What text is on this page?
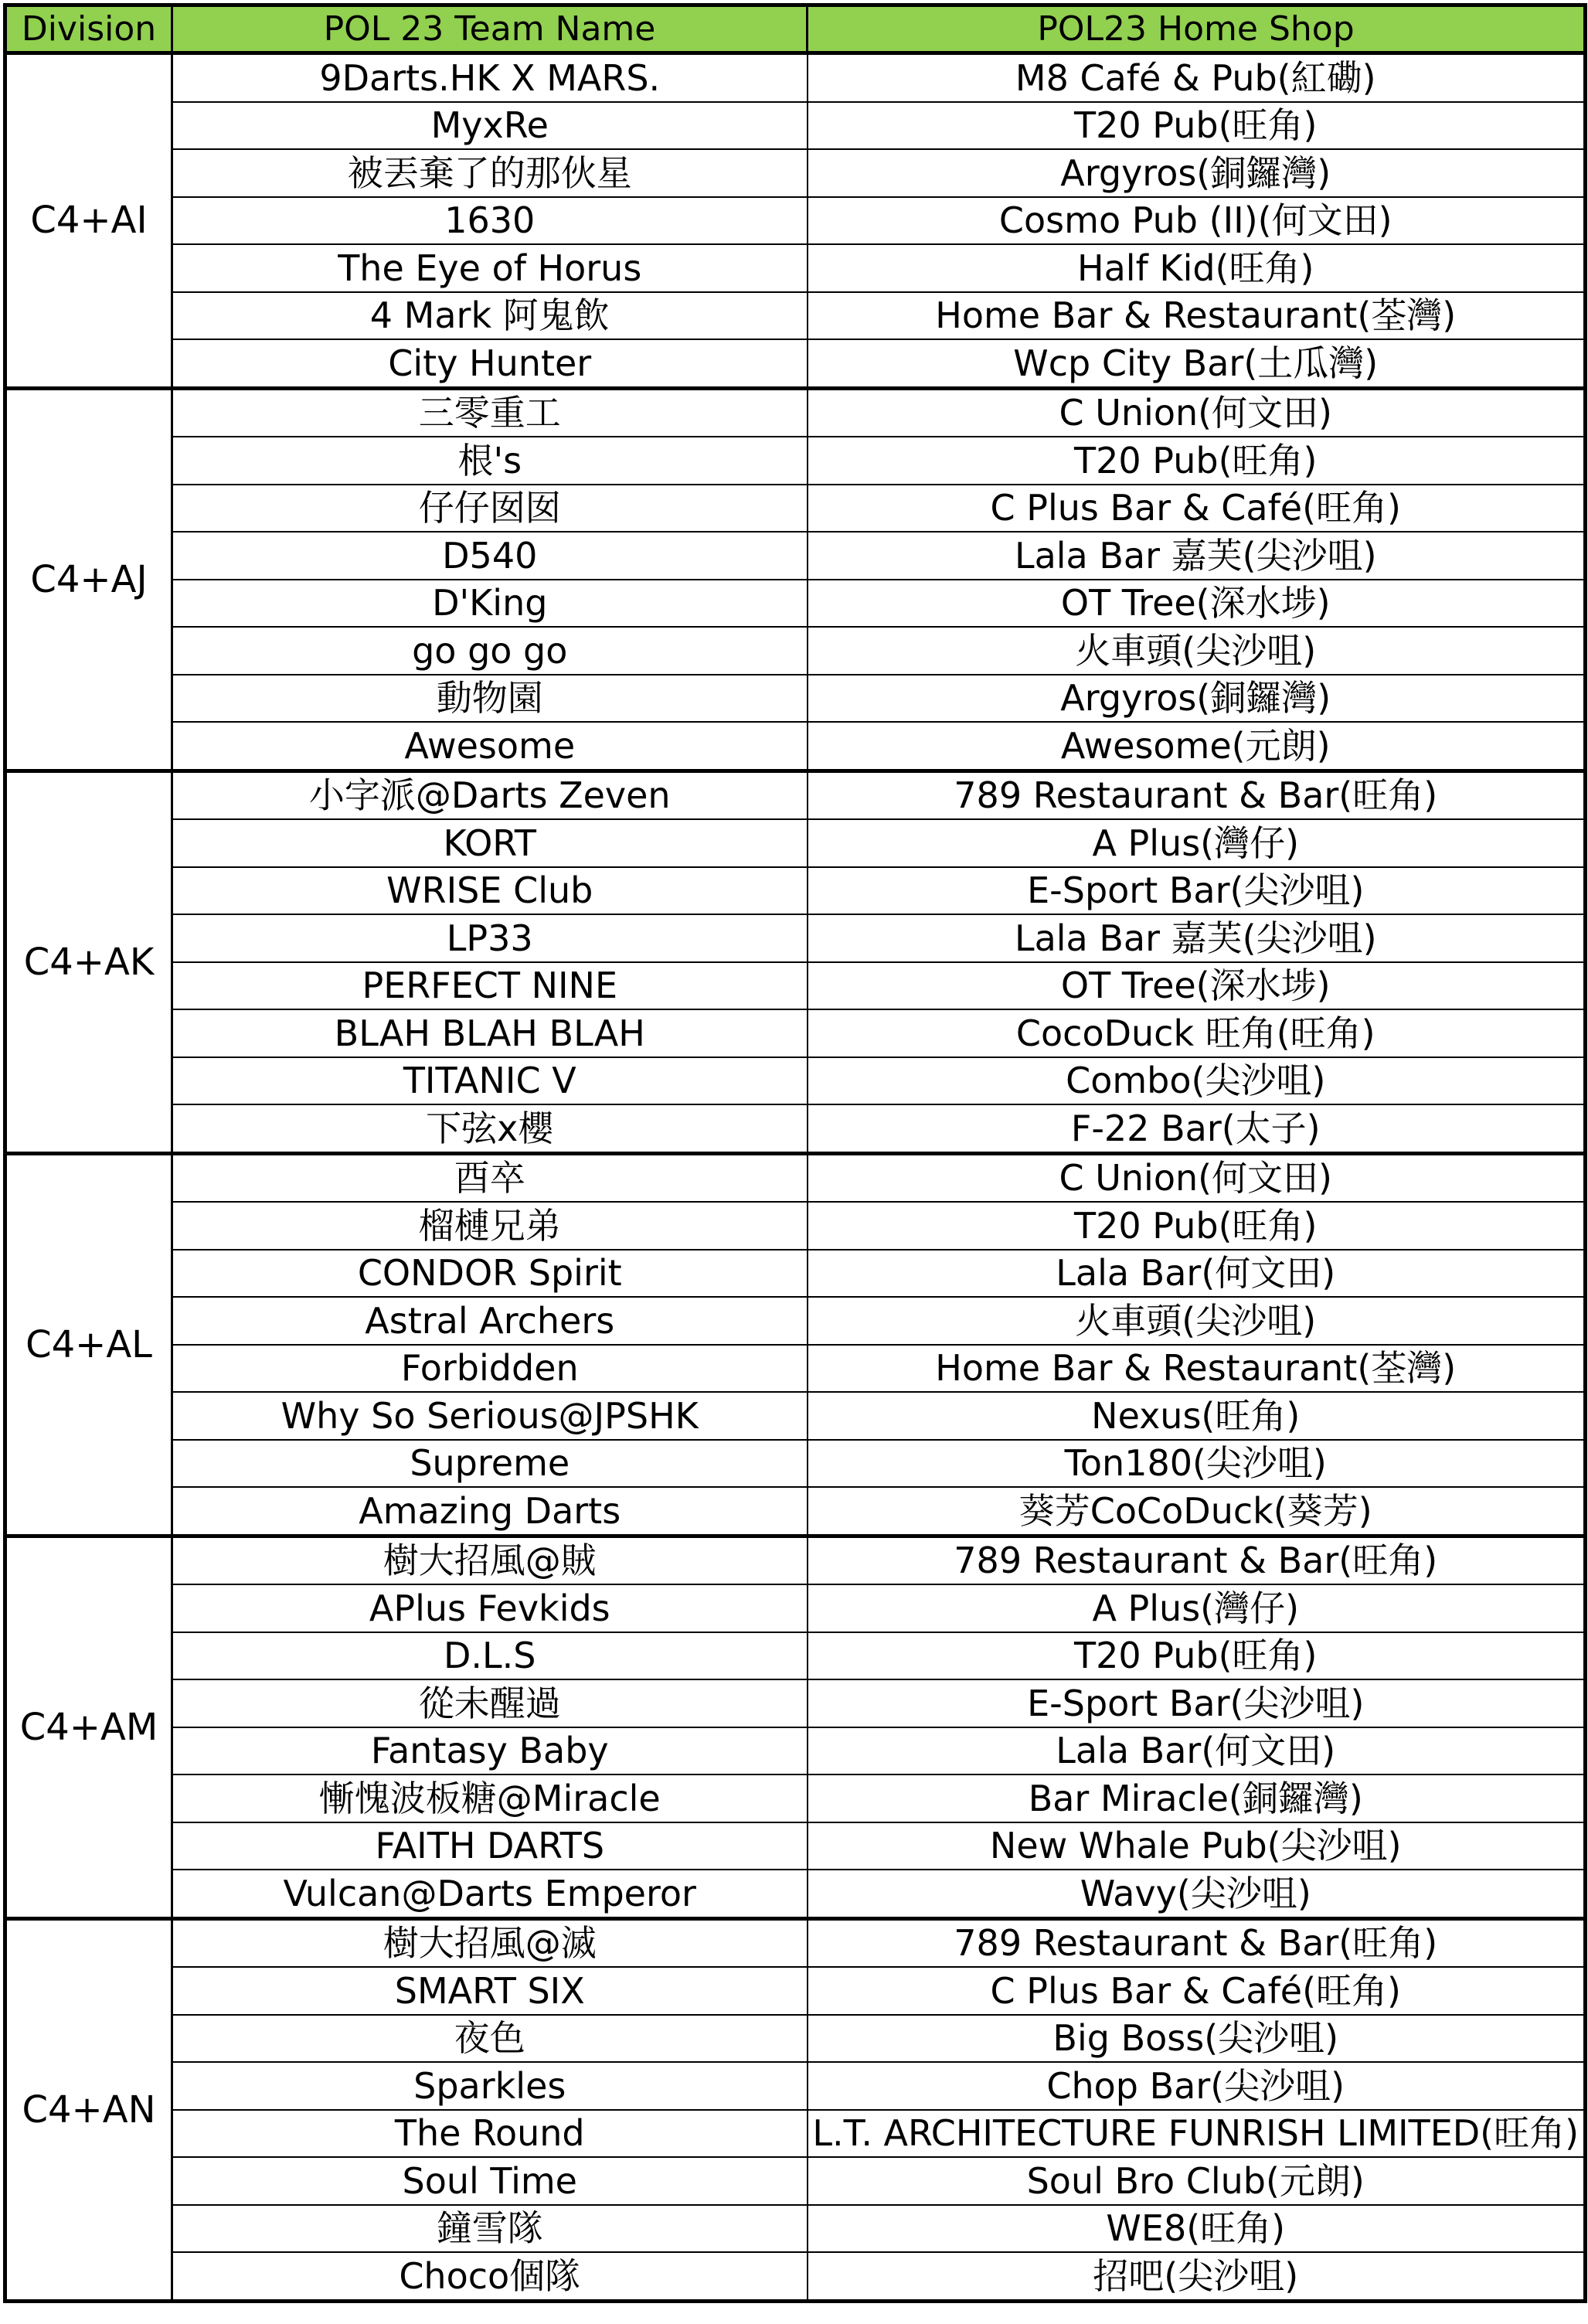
Division	POL 23 Team Name	POL23 Home Shop
C4+AI	9Darts.HK X MARS.	M8 Café & Pub(紅磡)
	MyxRe	T20 Pub(旺角)
	被丟棄了的那伙星	Argyros(銅鑼灣)
	1630	Cosmo Pub (II)(何文田)
	The Eye of Horus	Half Kid(旺角)
	4 Mark 阿鬼飲	Home Bar & Restaurant(荃灣)
	City Hunter	Wcp City Bar(土瓜灣)
C4+AJ	三零重工	C Union(何文田)
	根's	T20 Pub(旺角)
	仔仔囡囡	C Plus Bar & Café(旺角)
	D540	Lala Bar 嘉芙(尖沙咀)
	D'King	OT Tree(深水埗)
	go go go	火車頭(尖沙咀)
	動物園	Argyros(銅鑼灣)
	Awesome	Awesome(元朗)
C4+AK	小字派@Darts Zeven	789 Restaurant & Bar(旺角)
	KORT	A Plus(灣仔)
	WRISE Club	E-Sport Bar(尖沙咀)
	LP33	Lala Bar 嘉芙(尖沙咀)
	PERFECT NINE	OT Tree(深水埗)
	BLAH BLAH BLAH	CocoDuck 旺角(旺角)
	TITANIC V	Combo(尖沙咀)
	下弦x櫻	F-22 Bar(太子)
C4+AL	酉卒	C Union(何文田)
	榴槤兄弟	T20 Pub(旺角)
	CONDOR Spirit	Lala Bar(何文田)
	Astral Archers	火車頭(尖沙咀)
	Forbidden	Home Bar & Restaurant(荃灣)
	Why So Serious@JPSHK	Nexus(旺角)
	Supreme	Ton180(尖沙咀)
	Amazing Darts	葵芳CoCoDuck(葵芳)
C4+AM	樹大招風@賊	789 Restaurant & Bar(旺角)
	APlus Fevkids	A Plus(灣仔)
	D.L.S	T20 Pub(旺角)
	從未醒過	E-Sport Bar(尖沙咀)
	Fantasy Baby	Lala Bar(何文田)
	慚愧波板糖@Miracle	Bar Miracle(銅鑼灣)
	FAITH DARTS	New Whale Pub(尖沙咀)
	Vulcan@Darts Emperor	Wavy(尖沙咀)
C4+AN	樹大招風@滅	789 Restaurant & Bar(旺角)
	SMART SIX	C Plus Bar & Café(旺角)
	夜色	Big Boss(尖沙咀)
	Sparkles	Chop Bar(尖沙咀)
	The Round	L.T. ARCHITECTURE FUNRISH LIMITED(旺角)
	Soul Time	Soul Bro Club(元朗)
	鐘雪隊	WE8(旺角)
	Choco個隊	招吧(尖沙咀)
